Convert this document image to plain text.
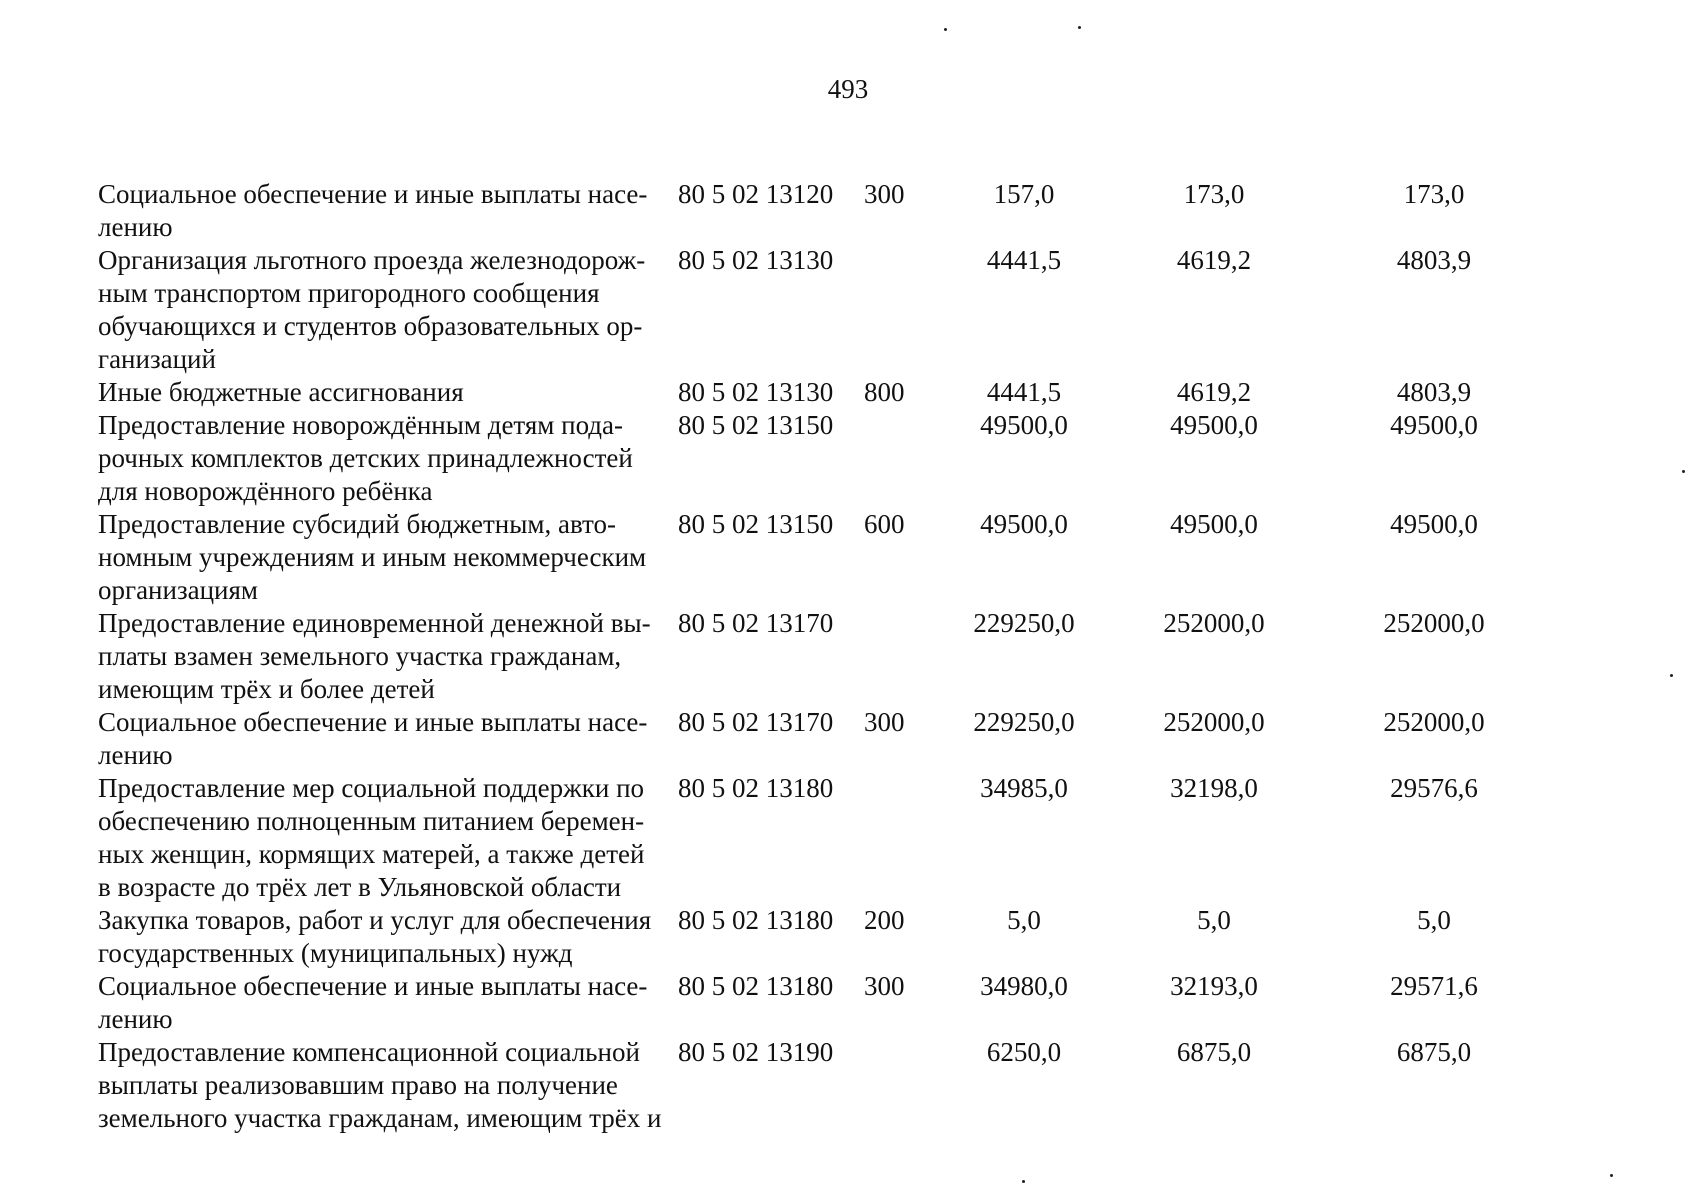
493
Социальное обеспечение и иные выплаты насе-
лению	80 5 02 13120	300	157,0	173,0	173,0
Организация льготного проезда железнодорож-
ным транспортом пригородного сообщения
обучающихся и студентов образовательных ор-
ганизаций	80 5 02 13130		4441,5	4619,2	4803,9
Иные бюджетные ассигнования	80 5 02 13130	800	4441,5	4619,2	4803,9
Предоставление новорождённым детям пода-
рочных комплектов детских принадлежностей
для новорождённого ребёнка	80 5 02 13150		49500,0	49500,0	49500,0
Предоставление субсидий бюджетным, авто-
номным учреждениям и иным некоммерческим
организациям	80 5 02 13150	600	49500,0	49500,0	49500,0
Предоставление единовременной денежной вы-
платы взамен земельного участка гражданам,
имеющим трёх и более детей	80 5 02 13170		229250,0	252000,0	252000,0
Социальное обеспечение и иные выплаты насе-
лению	80 5 02 13170	300	229250,0	252000,0	252000,0
Предоставление мер социальной поддержки по
обеспечению полноценным питанием беремен-
ных женщин, кормящих матерей, а также детей
в возрасте до трёх лет в Ульяновской области	80 5 02 13180		34985,0	32198,0	29576,6
Закупка товаров, работ и услуг для обеспечения
государственных (муниципальных) нужд	80 5 02 13180	200	5,0	5,0	5,0
Социальное обеспечение и иные выплаты насе-
лению	80 5 02 13180	300	34980,0	32193,0	29571,6
Предоставление компенсационной социальной
выплаты реализовавшим право на получение
земельного участка гражданам, имеющим трёх и	80 5 02 13190		6250,0	6875,0	6875,0
